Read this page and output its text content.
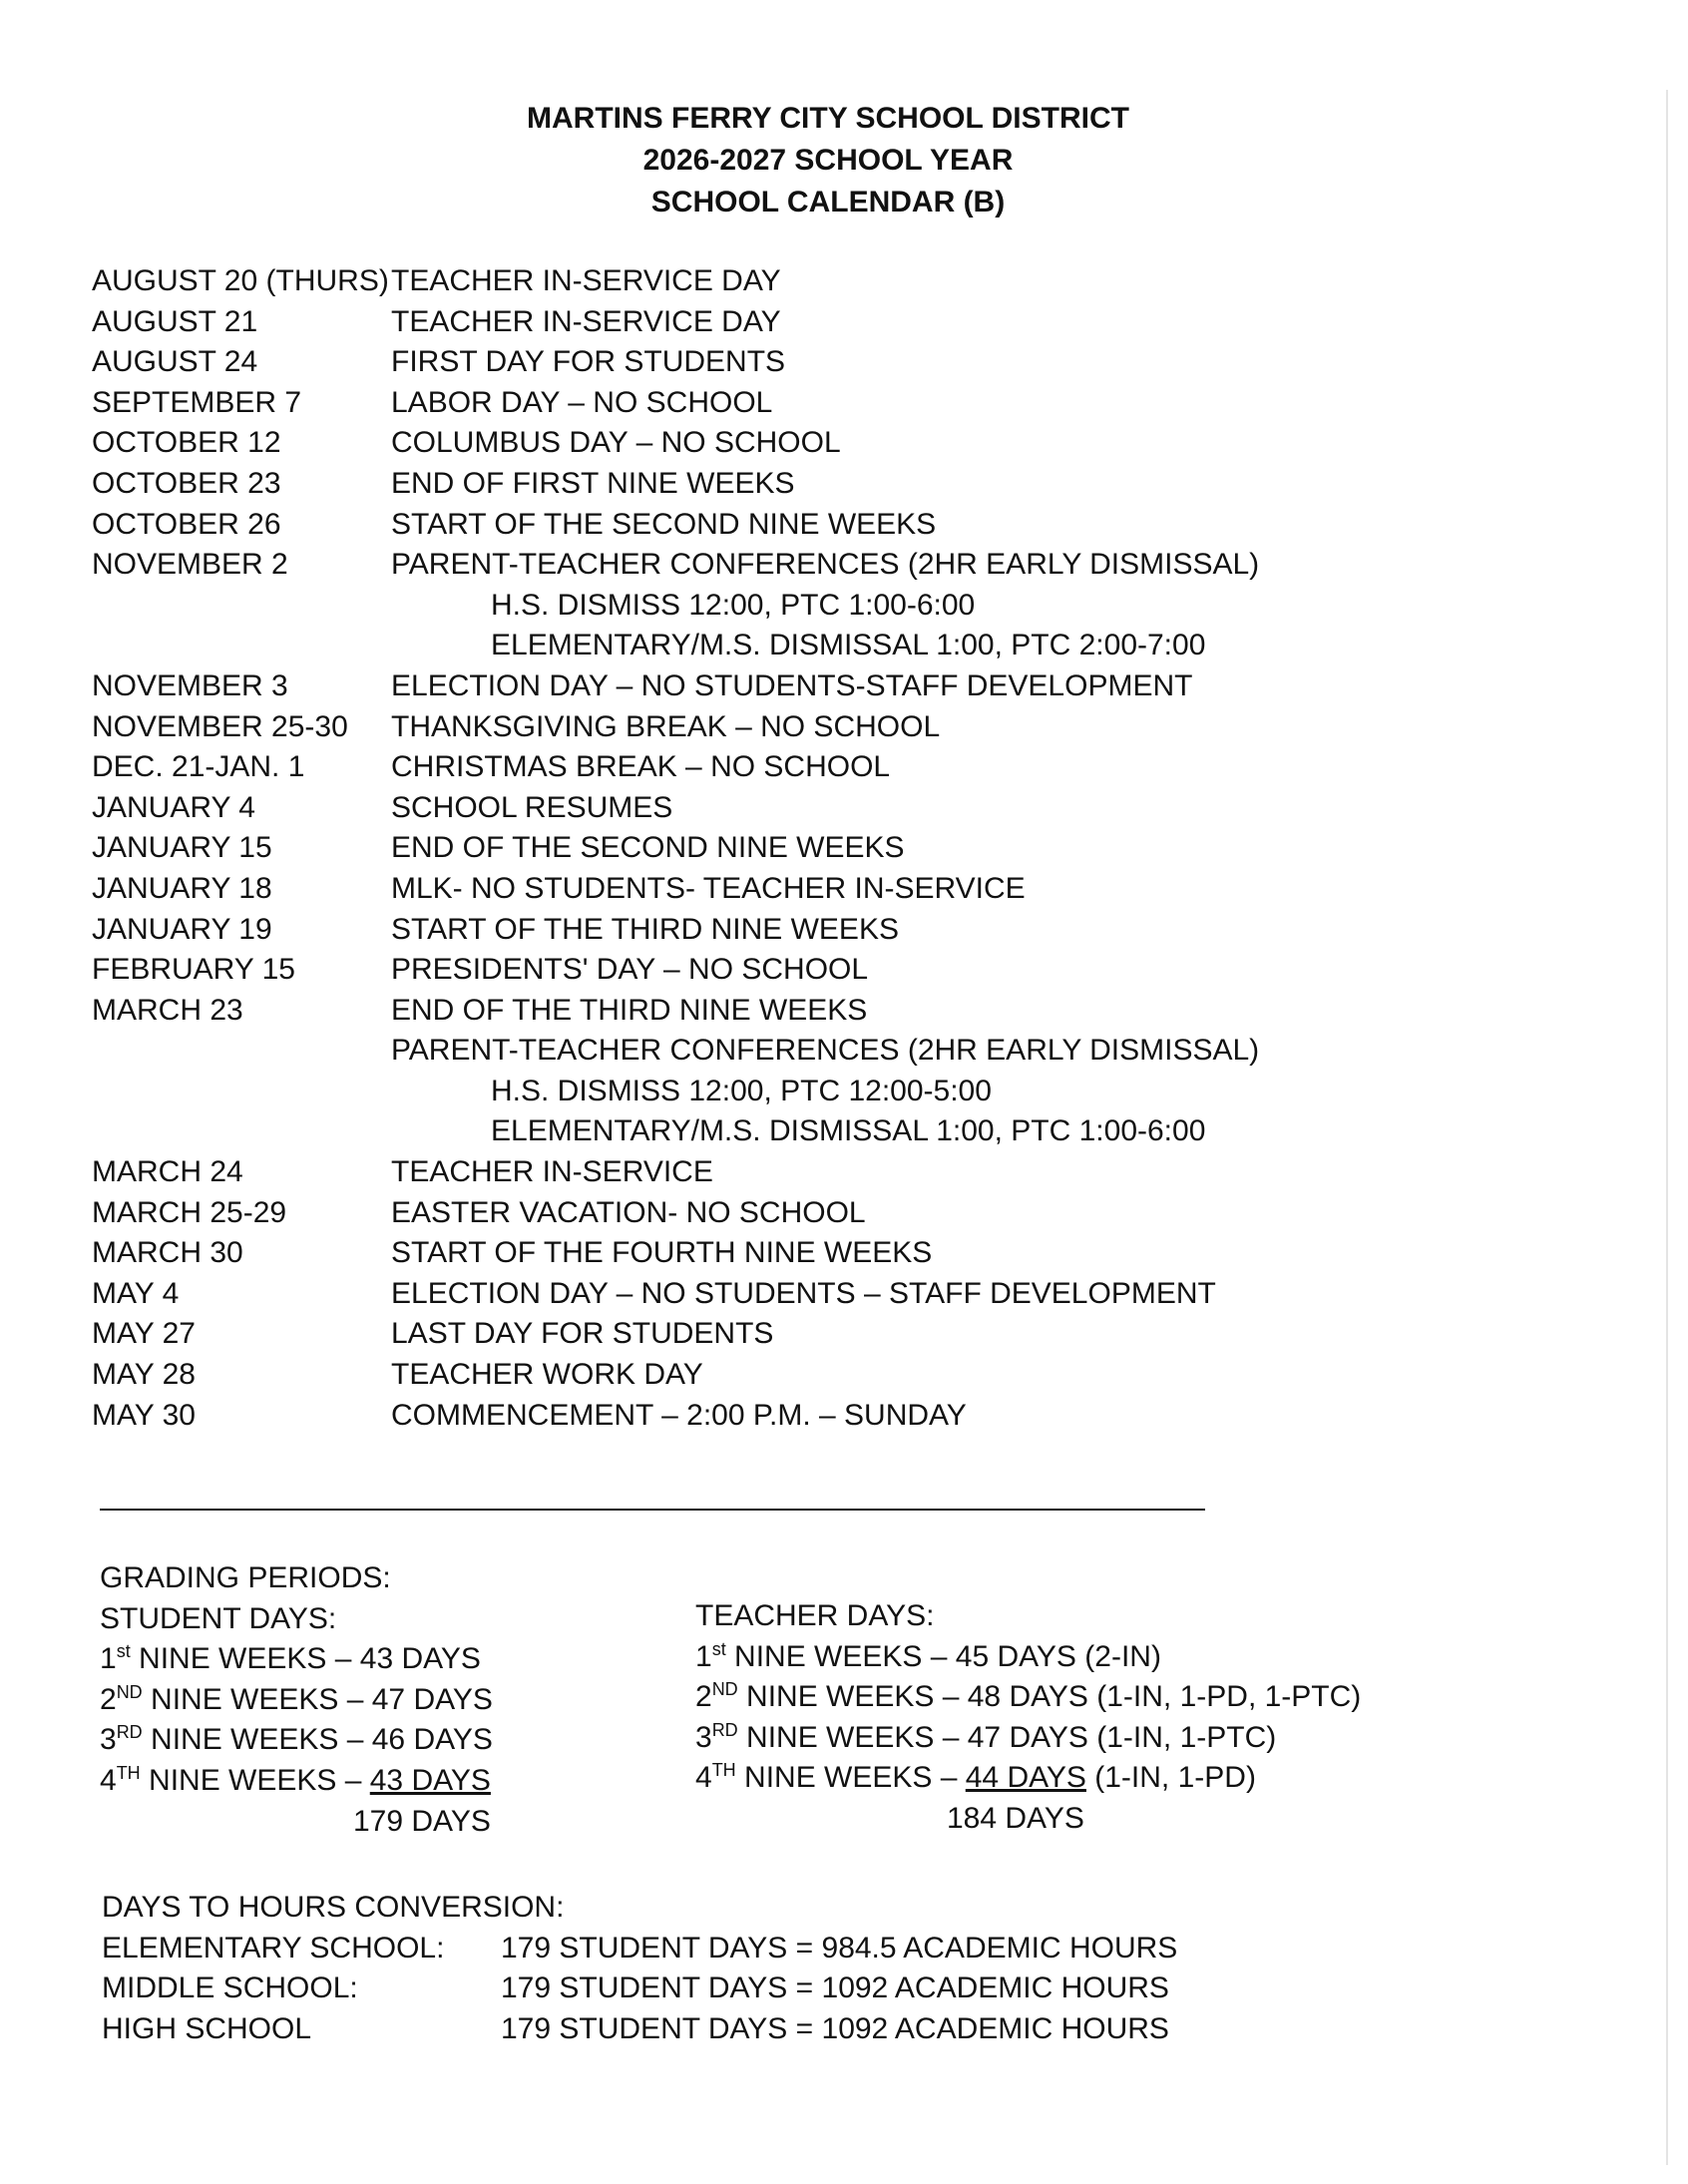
MARTINS FERRY CITY SCHOOL DISTRICT
2026-2027 SCHOOL YEAR
SCHOOL CALENDAR (B)
AUGUST 20 (THURS) TEACHER IN-SERVICE DAY
AUGUST 21	TEACHER IN-SERVICE DAY
AUGUST 24	FIRST DAY FOR STUDENTS
SEPTEMBER 7	LABOR DAY – NO SCHOOL
OCTOBER 12	COLUMBUS DAY – NO SCHOOL
OCTOBER 23	END OF FIRST NINE WEEKS
OCTOBER 26	START OF THE SECOND NINE WEEKS
NOVEMBER 2	PARENT-TEACHER CONFERENCES (2HR EARLY DISMISSAL)
H.S. DISMISS 12:00, PTC 1:00-6:00
ELEMENTARY/M.S. DISMISSAL 1:00, PTC 2:00-7:00
NOVEMBER 3	ELECTION DAY – NO STUDENTS-STAFF DEVELOPMENT
NOVEMBER 25-30 THANKSGIVING BREAK – NO SCHOOL
DEC. 21-JAN. 1	CHRISTMAS BREAK – NO SCHOOL
JANUARY 4	SCHOOL RESUMES
JANUARY 15	END OF THE SECOND NINE WEEKS
JANUARY 18	MLK- NO STUDENTS- TEACHER IN-SERVICE
JANUARY 19	START OF THE THIRD NINE WEEKS
FEBRUARY 15	PRESIDENTS' DAY – NO SCHOOL
MARCH 23	END OF THE THIRD NINE WEEKS
PARENT-TEACHER CONFERENCES (2HR EARLY DISMISSAL)
H.S. DISMISS 12:00, PTC 12:00-5:00
ELEMENTARY/M.S. DISMISSAL 1:00, PTC 1:00-6:00
MARCH 24	TEACHER IN-SERVICE
MARCH 25-29	EASTER VACATION- NO SCHOOL
MARCH 30	START OF THE FOURTH NINE WEEKS
MAY 4	ELECTION DAY – NO STUDENTS – STAFF DEVELOPMENT
MAY 27	LAST DAY FOR STUDENTS
MAY 28	TEACHER WORK DAY
MAY 30	COMMENCEMENT – 2:00 P.M. – SUNDAY
GRADING PERIODS:
STUDENT DAYS:
1st NINE WEEKS – 43 DAYS
2ND NINE WEEKS – 47 DAYS
3RD NINE WEEKS – 46 DAYS
4TH NINE WEEKS – 43 DAYS
179 DAYS
TEACHER DAYS:
1st NINE WEEKS – 45 DAYS (2-IN)
2ND NINE WEEKS – 48 DAYS (1-IN, 1-PD, 1-PTC)
3RD NINE WEEKS – 47 DAYS (1-IN, 1-PTC)
4TH NINE WEEKS – 44 DAYS (1-IN, 1-PD)
184 DAYS
DAYS TO HOURS CONVERSION:
ELEMENTARY SCHOOL: 179 STUDENT DAYS = 984.5 ACADEMIC HOURS
MIDDLE SCHOOL:	179 STUDENT DAYS = 1092 ACADEMIC HOURS
HIGH SCHOOL	179 STUDENT DAYS = 1092 ACADEMIC HOURS
